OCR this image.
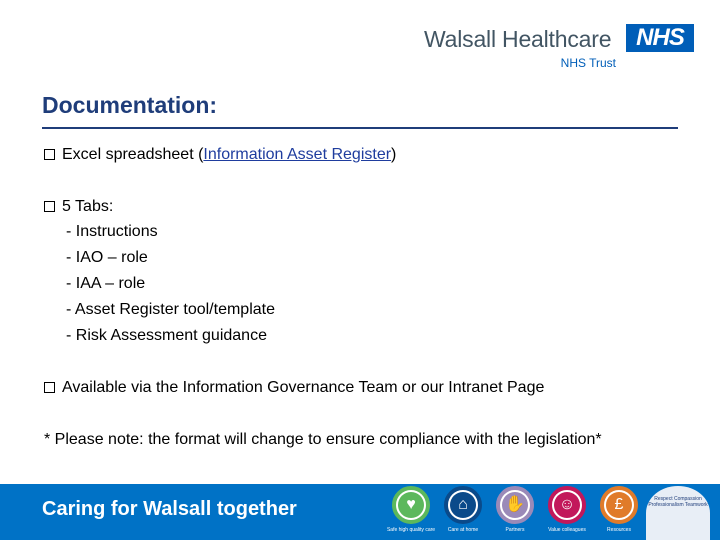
Walsall Healthcare	NHS
NHS Trust
Documentation:
Excel spreadsheet (Information Asset Register)
5 Tabs:
- Instructions
- IAO – role
- IAA – role
- Asset Register tool/template
- Risk Assessment guidance
Available via the Information Governance Team or our Intranet Page
* Please note: the format will change to ensure compliance with the legislation*
Caring for Walsall together	♥
Safe high quality care
⌂
Care at home
✋
Partners
☺
Value colleagues
£
Resources
Respect Compassion Professionalism Teamwork
